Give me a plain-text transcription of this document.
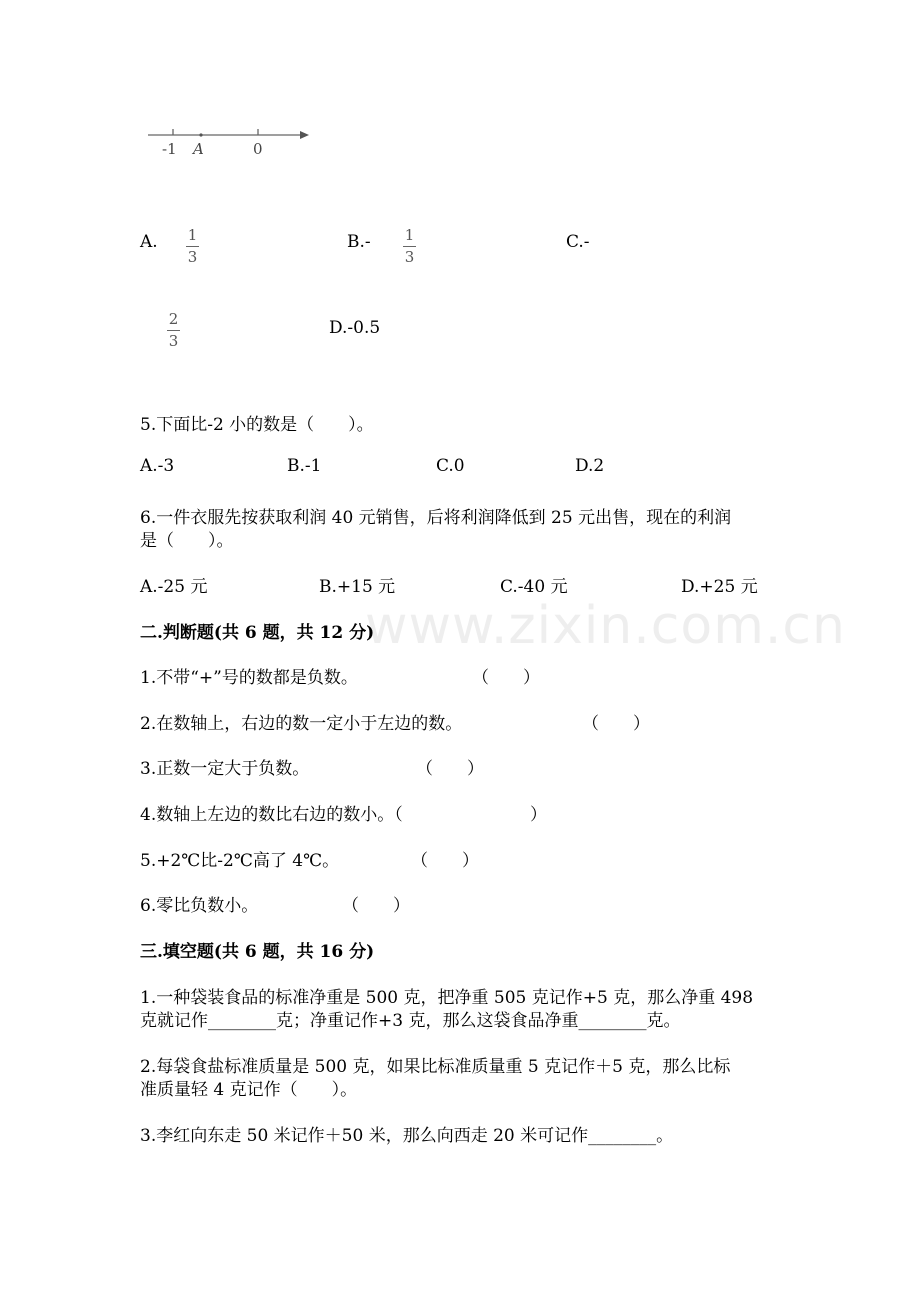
-1 A	0
A. 1
3
B.- 1
3
C.-
2
3
D.-0.5
5.下面比-2 小的数是（　　）。
A.-3	B.-1	C.0	D.2
6.一件衣服先按获取利润 40 元销售，后将利润降低到 25 元出售，现在的利润
是（　　）。
A.-25 元	B.+15 元	C.-40 元	D.+25 元
www.zixin.com.cn
二.判断题(共 6 题，共 12 分)
1.不带“+”号的数都是负数。	（　　）
2.在数轴上，右边的数一定小于左边的数。	（　　）
3.正数一定大于负数。	（　　）
4.数轴上左边的数比右边的数小。（	）
5.+2℃比-2℃高了 4℃。	（　　）
6.零比负数小。	（　　）
三.填空题(共 6 题，共 16 分)
1.一种袋装食品的标准净重是 500 克，把净重 505 克记作+5 克，那么净重 498
克就记作________克；净重记作+3 克，那么这袋食品净重________克。
2.每袋食盐标准质量是 500 克，如果比标准质量重 5 克记作＋5 克，那么比标
准质量轻 4 克记作（　　）。
3.李红向东走 50 米记作＋50 米，那么向西走 20 米可记作________。
